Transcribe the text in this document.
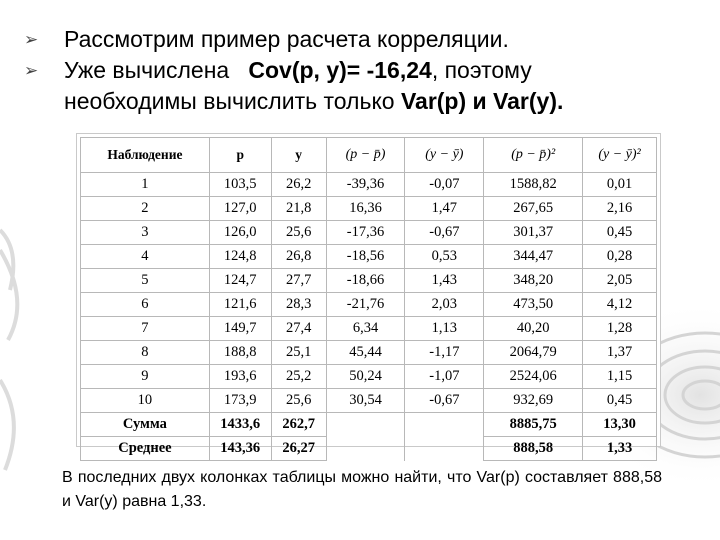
➢ Рассмотрим пример расчета корреляции.
➢ Уже вычислена Cov(p, y)= -16,24, поэтому
необходимы вычислить только Var(p) и Var(y).
Наблюдение	p	y	(p − p̄)	(y − ȳ)	(p − p̄)²	(y − ȳ)²
1	103,5	26,2	-39,36	-0,07	1588,82	0,01
2	127,0	21,8	16,36	1,47	267,65	2,16
3	126,0	25,6	-17,36	-0,67	301,37	0,45
4	124,8	26,8	-18,56	0,53	344,47	0,28
5	124,7	27,7	-18,66	1,43	348,20	2,05
6	121,6	28,3	-21,76	2,03	473,50	4,12
7	149,7	27,4	6,34	1,13	40,20	1,28
8	188,8	25,1	45,44	-1,17	2064,79	1,37
9	193,6	25,2	50,24	-1,07	2524,06	1,15
10	173,9	25,6	30,54	-0,67	932,69	0,45
Сумма	1433,6	262,7			8885,75	13,30
Среднее	143,36	26,27			888,58	1,33
В последних двух колонках таблицы можно найти, что Var(p) составляет 888,58 и Var(y) равна 1,33.
